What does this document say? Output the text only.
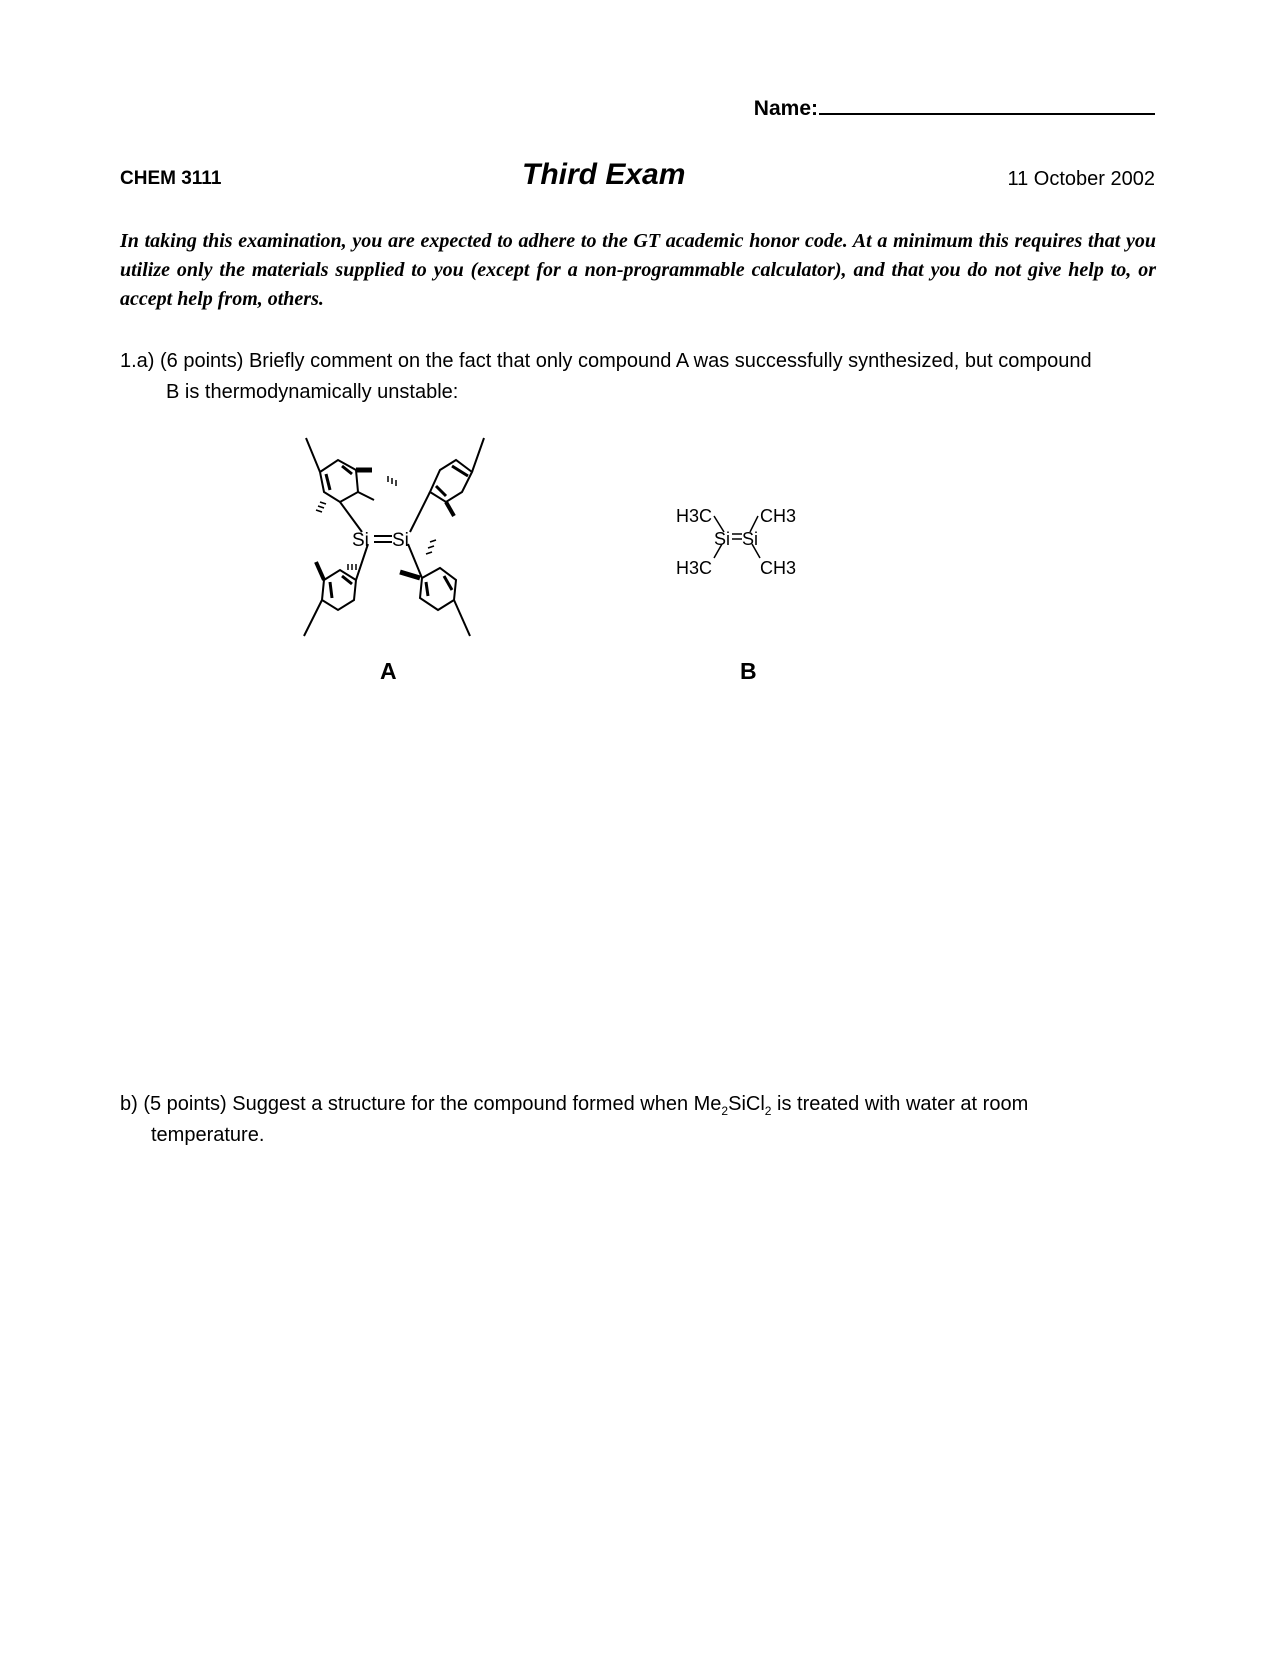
Name:
CHEM 3111	Third Exam	11 October 2002
In taking this examination, you are expected to adhere to the GT academic honor code. At a minimum this requires that you utilize only the materials supplied to you (except for a non-programmable calculator), and that you do not give help to, or accept help from, others.
1.a) (6 points) Briefly comment on the fact that only compound A was successfully synthesized, but compound
B is thermodynamically unstable:
Si Si
A
H3C	CH3
Si Si
H3C	CH3
B
b) (5 points) Suggest a structure for the compound formed when $Me_2SiCl_2$ is treated with water at room
temperature.
